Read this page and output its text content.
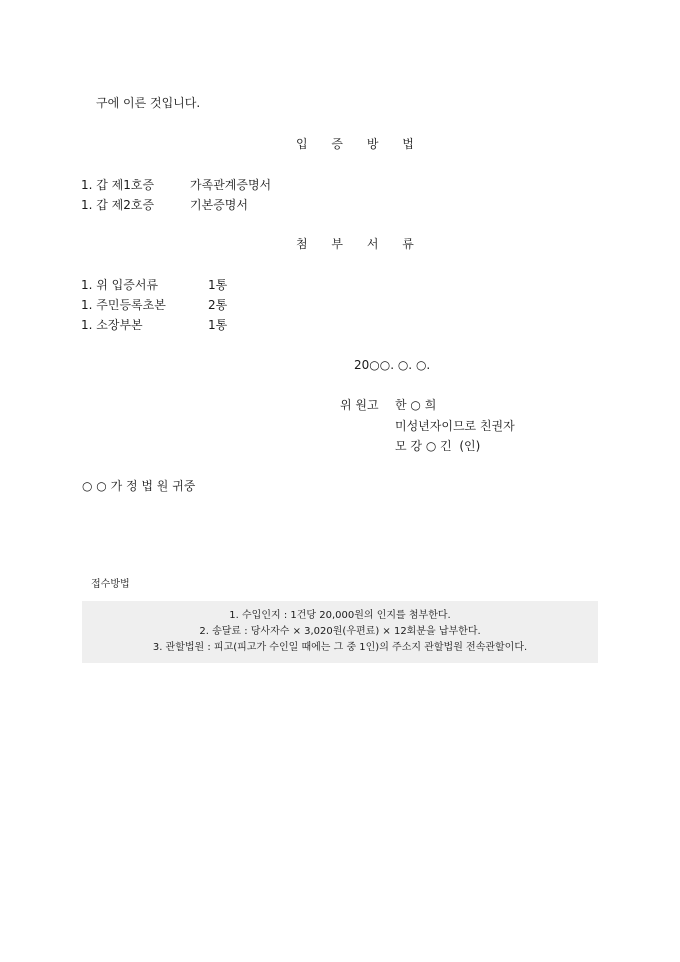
구에 이른 것입니다.
입 증 방 법
1. 갑 제1호증	가족관계증명서
1. 갑 제2호증	기본증명서
첨 부 서 류
1. 위 입증서류	1통
1. 주민등록초본	2통
1. 소장부본	1통
20○○. ○. ○.
위 원고 한 ○ 희
미성년자이므로 친권자
모 강 ○ 긴  (인)
○ ○ 가 정 법 원 귀중
접수방법
1. 수입인지 : 1건당 20,000원의 인지를 첨부한다.
2. 송달료 : 당사자수 × 3,020원(우편료) × 12회분을 납부한다.
3. 관할법원 : 피고(피고가 수인일 때에는 그 중 1인)의 주소지 관할법원 전속관할이다.
